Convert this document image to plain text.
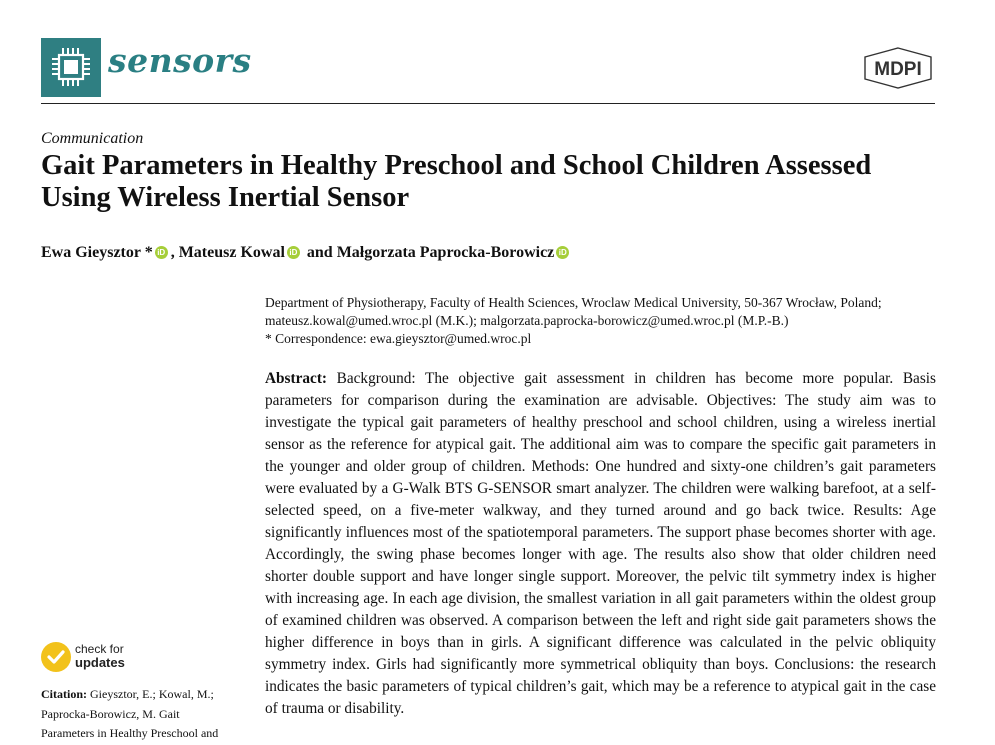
sensors	MDPI
Communication
Gait Parameters in Healthy Preschool and School Children Assessed Using Wireless Inertial Sensor
Ewa Gieysztor * iD , Mateusz Kowal iD and Małgorzata Paprocka-Borowicz iD

Department of Physiotherapy, Faculty of Health Sciences, Wroclaw Medical University, 50-367 Wrocław, Poland;

mateusz.kowal@umed.wroc.pl (M.K.); malgorzata.paprocka-borowicz@umed.wroc.pl (M.P.-B.)

* Correspondence: ewa.gieysztor@umed.wroc.pl

Abstract: Background: The objective gait assessment in children has become more popular. Basis parameters for comparison during the examination are advisable. Objectives: The study aim was to investigate the typical gait parameters of healthy preschool and school children, using a wireless inertial sensor as the reference for atypical gait. The additional aim was to compare the specific gait parameters in the younger and older group of children. Methods: One hundred and sixty-one children’s gait parameters were evaluated by a G-Walk BTS G-SENSOR smart analyzer. The children were walking barefoot, at a self-selected speed, on a five-meter walkway, and they turned around and go back twice. Results: Age significantly influences most of the spatiotemporal parameters. The support phase becomes shorter with age. Accordingly, the swing phase becomes longer with age. The results also show that older children need shorter double support and have longer single support. Moreover, the pelvic tilt symmetry index is higher with increasing age. In each age division, the smallest variation in all gait parameters within the oldest group of examined children was observed. A comparison between the left and right side gait parameters shows the higher difference in boys than in girls. A significant difference was calculated in the pelvic obliquity symmetry index. Girls had significantly more symmetrical obliquity than boys. Conclusions: the research indicates the basic parameters of typical children’s gait, which may be a reference to atypical gait in the case of trauma or disability.
check for
updates

Citation: Gieysztor, E.; Kowal, M.;

Paprocka-Borowicz, M. Gait

Parameters in Healthy Preschool and
